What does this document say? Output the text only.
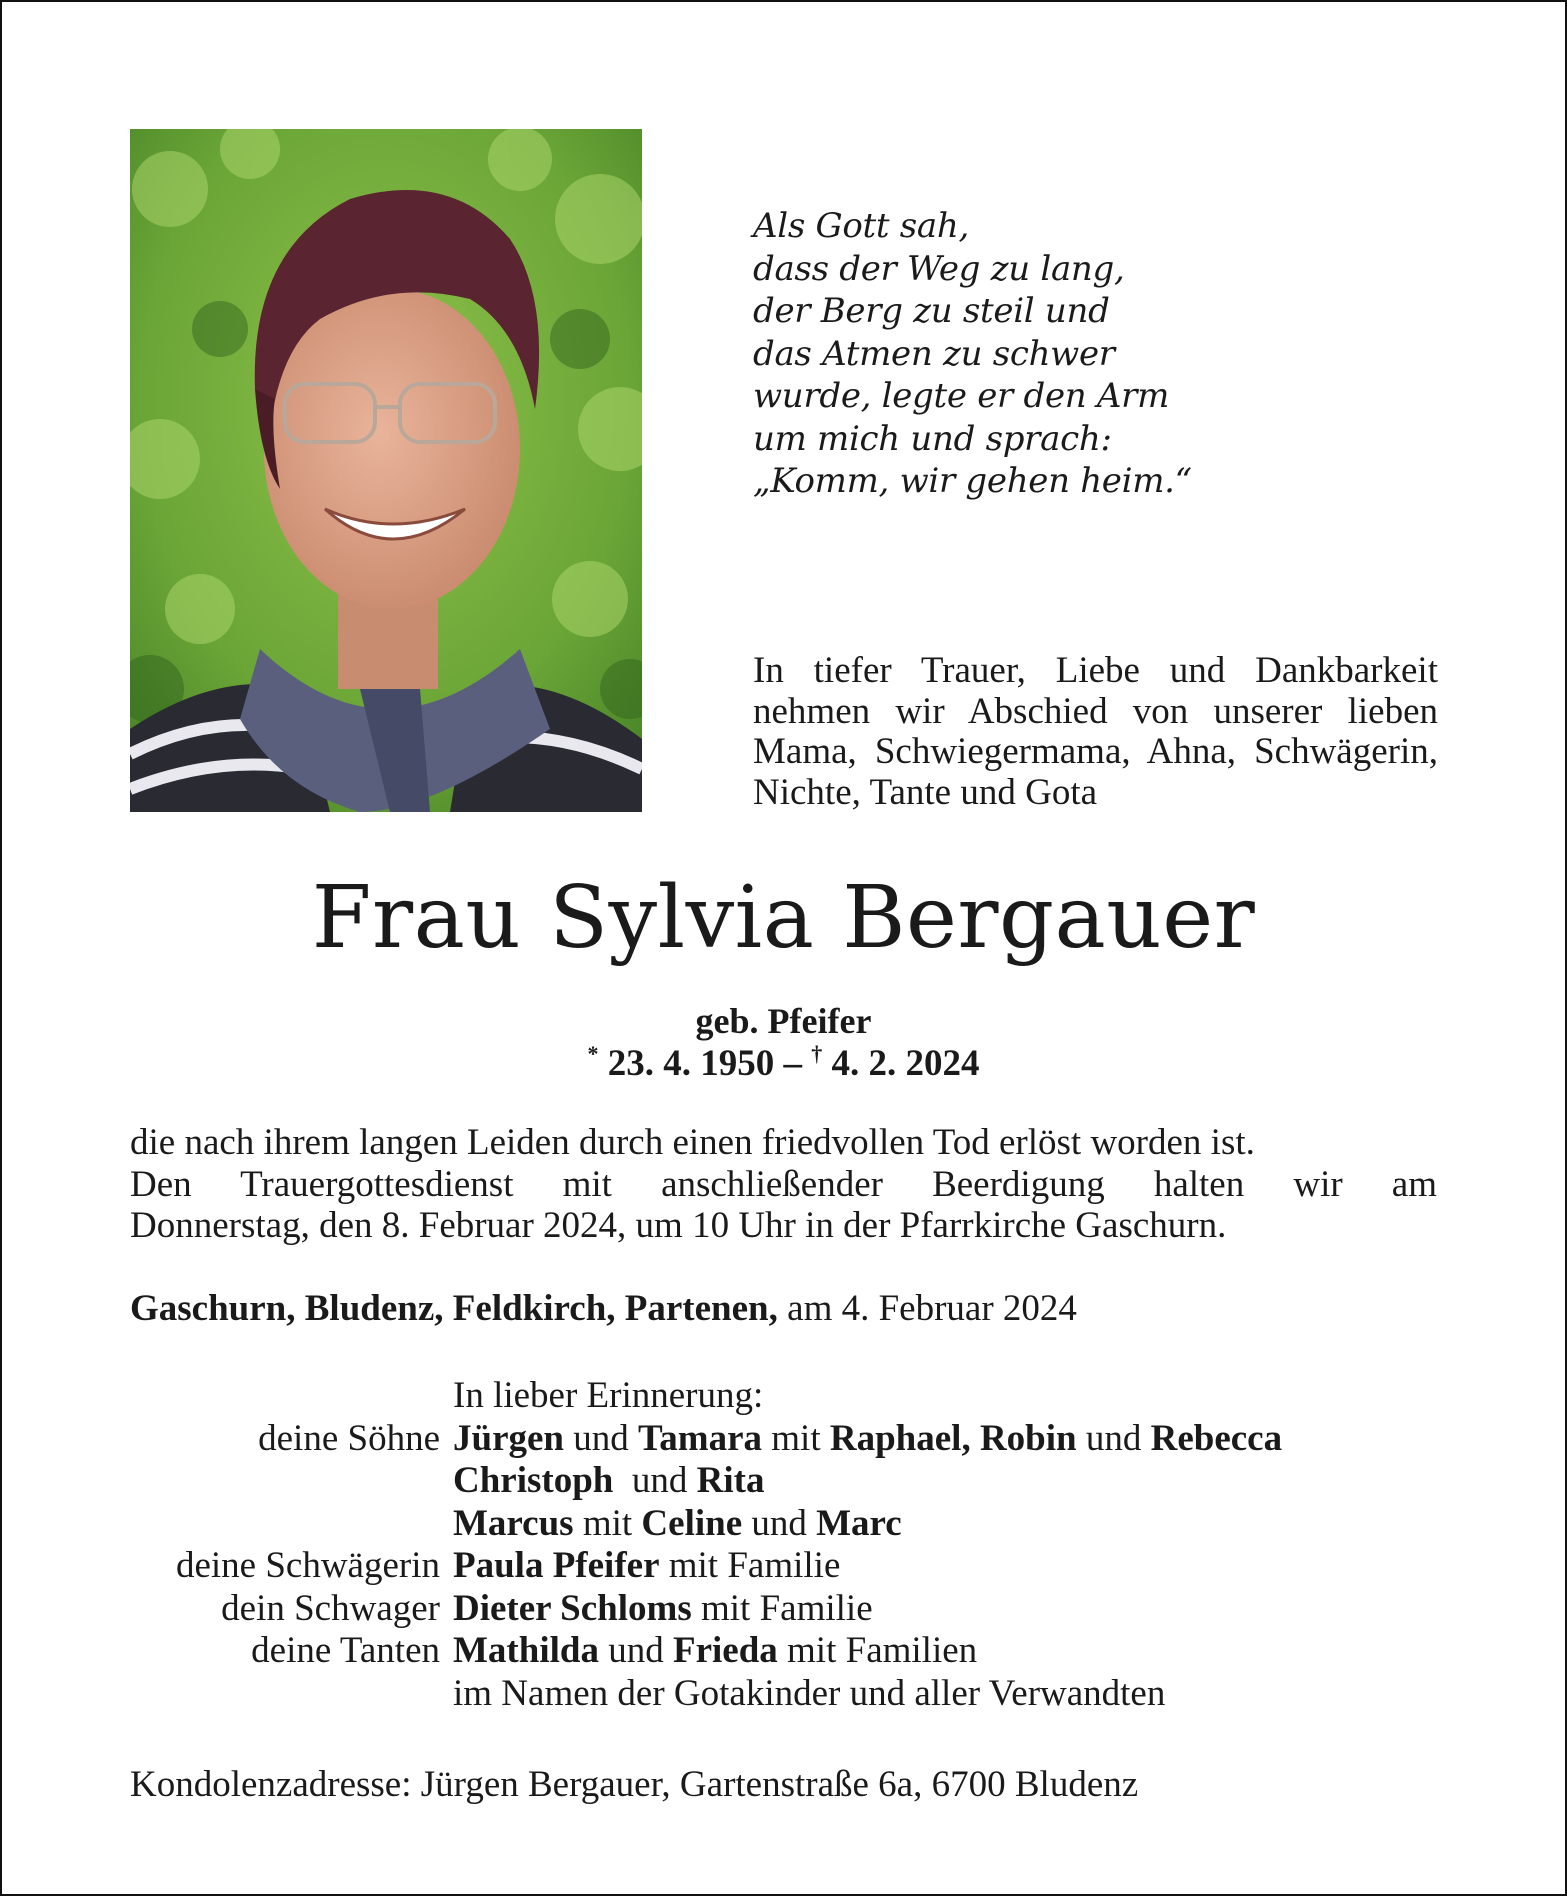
Als Gott sah,
dass der Weg zu lang,
der Berg zu steil und
das Atmen zu schwer
wurde, legte er den Arm
um mich und sprach:
„Komm, wir gehen heim.“
In tiefer Trauer, Liebe und Dankbarkeit nehmen wir Abschied von unserer lieben Mama, Schwiegermama, Ahna, Schwägerin, Nichte, Tante und Gota
Frau Sylvia Bergauer
geb. Pfeifer
* 23. 4. 1950 – † 4. 2. 2024
die nach ihrem langen Leiden durch einen friedvollen Tod erlöst worden ist.
Den Trauergottesdienst mit anschließender Beerdigung halten wir am
Donnerstag, den 8. Februar 2024, um 10 Uhr in der Pfarrkirche Gaschurn.
Gaschurn, Bludenz, Feldkirch, Partenen, am 4. Februar 2024
In lieber Erinnerung:
deine Söhne Jürgen und Tamara mit Raphael, Robin und Rebecca
Christoph  und Rita
Marcus mit Celine und Marc
deine Schwägerin Paula Pfeifer mit Familie
dein Schwager Dieter Schloms mit Familie
deine Tanten Mathilda und Frieda mit Familien
im Namen der Gotakinder und aller Verwandten
Kondolenzadresse: Jürgen Bergauer, Gartenstraße 6a, 6700 Bludenz
